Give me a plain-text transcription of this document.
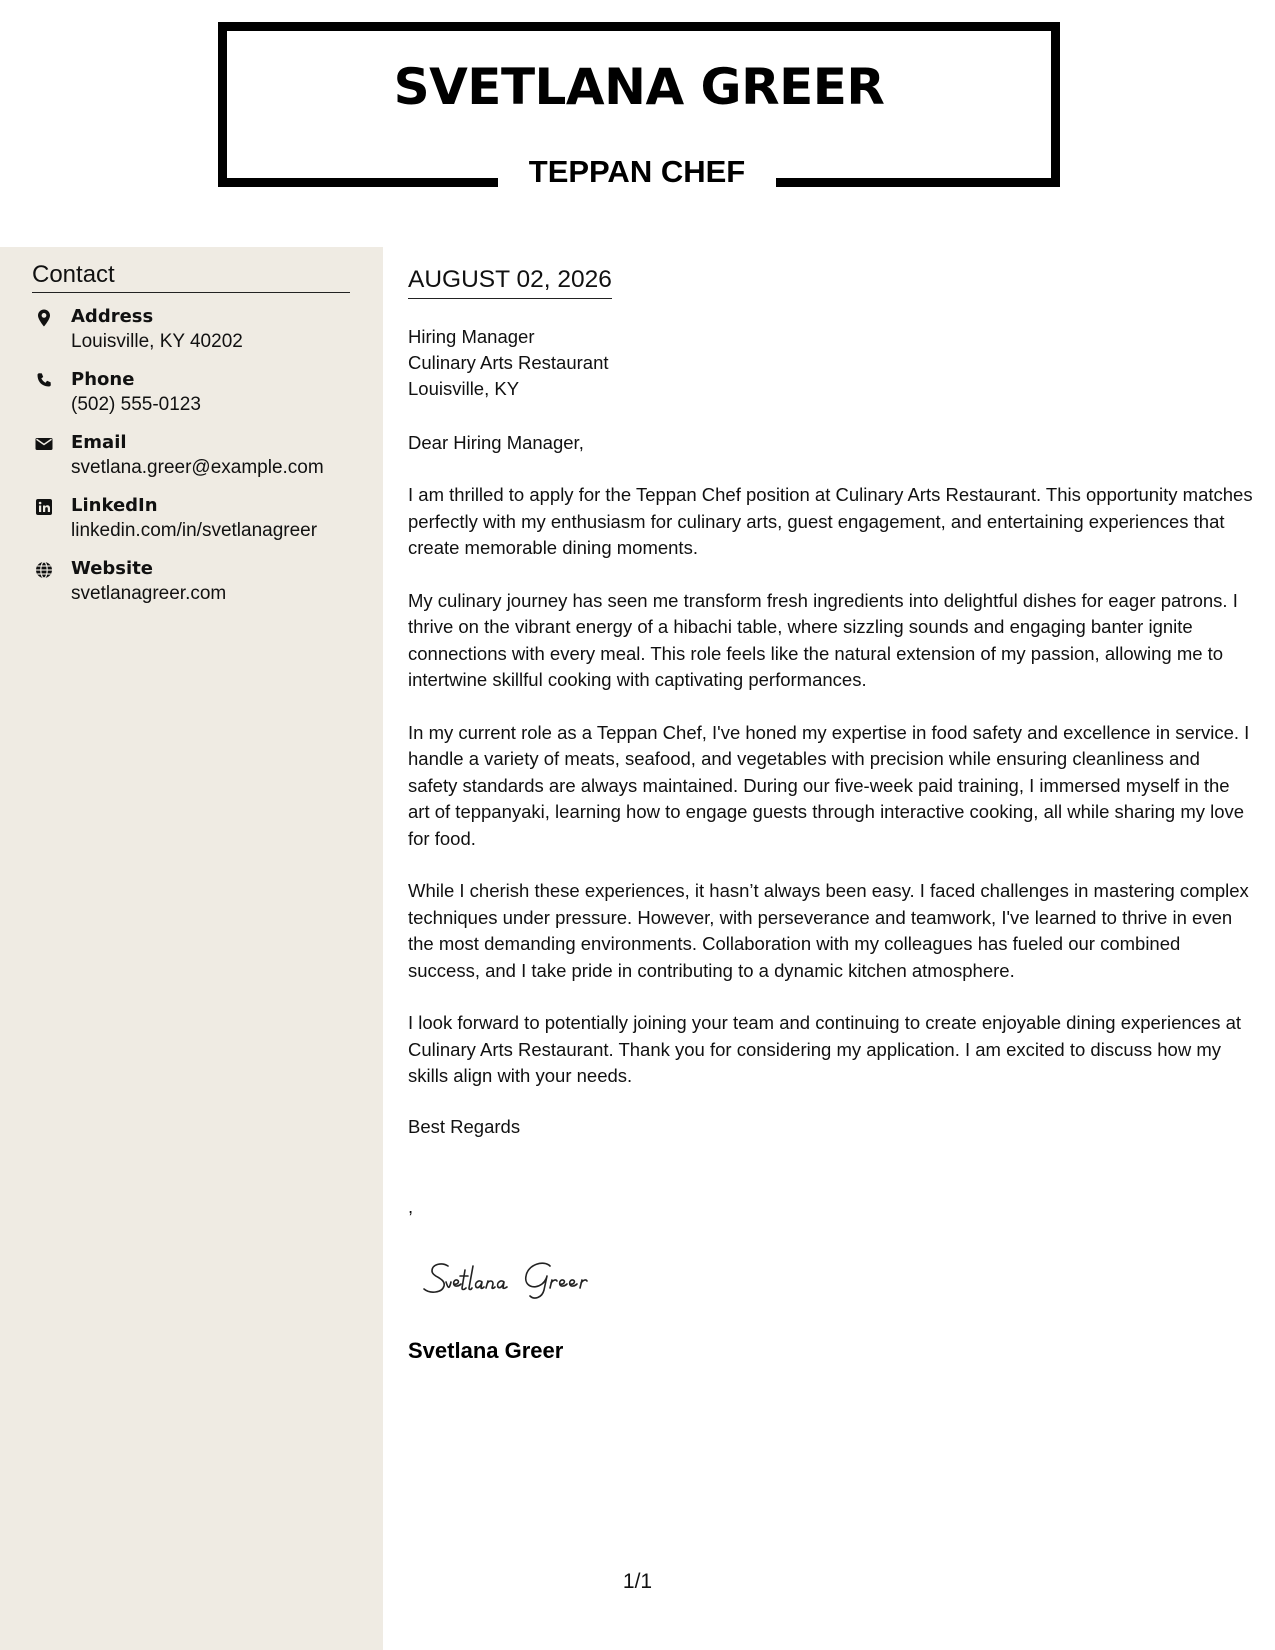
SVETLANA GREER
TEPPAN CHEF
Contact
Address
Louisville, KY 40202
Phone
(502) 555-0123
Email
svetlana.greer@example.com
LinkedIn
linkedin.com/in/svetlanagreer
Website
svetlanagreer.com
AUGUST 02, 2026
Hiring Manager
Culinary Arts Restaurant
Louisville, KY
Dear Hiring Manager,

I am thrilled to apply for the Teppan Chef position at Culinary Arts Restaurant. This opportunity matches perfectly with my enthusiasm for culinary arts, guest engagement, and entertaining experiences that create memorable dining moments.

My culinary journey has seen me transform fresh ingredients into delightful dishes for eager patrons. I thrive on the vibrant energy of a hibachi table, where sizzling sounds and engaging banter ignite connections with every meal. This role feels like the natural extension of my passion, allowing me to intertwine skillful cooking with captivating performances.

In my current role as a Teppan Chef, I've honed my expertise in food safety and excellence in service. I handle a variety of meats, seafood, and vegetables with precision while ensuring cleanliness and safety standards are always maintained. During our five-week paid training, I immersed myself in the art of teppanyaki, learning how to engage guests through interactive cooking, all while sharing my love for food.

While I cherish these experiences, it hasn’t always been easy. I faced challenges in mastering complex techniques under pressure. However, with perseverance and teamwork, I've learned to thrive in even the most demanding environments. Collaboration with my colleagues has fueled our combined success, and I take pride in contributing to a dynamic kitchen atmosphere.

I look forward to potentially joining your team and continuing to create enjoyable dining experiences at Culinary Arts Restaurant. Thank you for considering my application. I am excited to discuss how my skills align with your needs.

Best Regards
,
Svetlana Greer
1/1
